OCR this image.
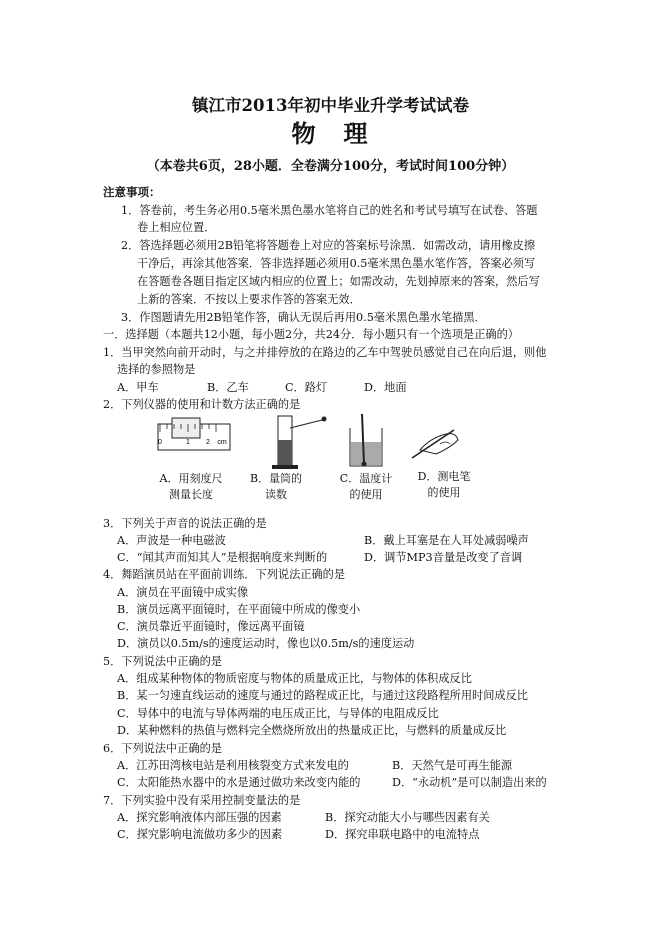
镇江市2013年初中毕业升学考试试卷
物 理
（本卷共6页，28小题．全卷满分100分，考试时间100分钟）
注意事项：
1．答卷前，考生务必用0.5毫米黑色墨水笔将自己的姓名和考试号填写在试卷、答题
卷上相应位置．
2．答选择题必须用2B铅笔将答题卷上对应的答案标号涂黑．如需改动，请用橡皮擦
干净后，再涂其他答案．答非选择题必须用0.5毫米黑色墨水笔作答，答案必须写
在答题卷各题目指定区域内相应的位置上；如需改动，先划掉原来的答案，然后写
上新的答案．不按以上要求作答的答案无效．
3．作图题请先用2B铅笔作答，确认无误后再用0.5毫米黑色墨水笔描黑．
一．选择题（本题共12小题，每小题2分，共24分．每小题只有一个选项是正确的）
1．当甲突然向前开动时，与之并排停放的在路边的乙车中驾驶员感觉自己在向后退，则他
选择的参照物是
A．甲车	B．乙车	C．路灯	D．地面
2．下列仪器的使用和计数方法正确的是
0	1 2 cm
A．用刻度尺
测量长度
B．量筒的
读数
C．温度计
的使用
D．测电笔
的使用
3．下列关于声音的说法正确的是
A．声波是一种电磁波	B．戴上耳塞是在人耳处减弱噪声
C．“闻其声而知其人”是根据响度来判断的	D．调节MP3音量是改变了音调
4．舞蹈演员站在平面前训练．下列说法正确的是
A．演员在平面镜中成实像
B．演员远离平面镜时，在平面镜中所成的像变小
C．演员靠近平面镜时，像远离平面镜
D．演员以0.5m/s的速度运动时，像也以0.5m/s的速度运动
5．下列说法中正确的是
A．组成某种物体的物质密度与物体的质量成正比，与物体的体积成反比
B．某一匀速直线运动的速度与通过的路程成正比，与通过这段路程所用时间成反比
C．导体中的电流与导体两端的电压成正比，与导体的电阻成反比
D．某种燃料的热值与燃料完全燃烧所放出的热量成正比，与燃料的质量成反比
6．下列说法中正确的是
A．江苏田湾核电站是利用核裂变方式来发电的	B．天然气是可再生能源
C．太阳能热水器中的水是通过做功来改变内能的	D．“永动机”是可以制造出来的
7．下列实验中没有采用控制变量法的是
A．探究影响液体内部压强的因素	B．探究动能大小与哪些因素有关
C．探究影响电流做功多少的因素	D．探究串联电路中的电流特点
